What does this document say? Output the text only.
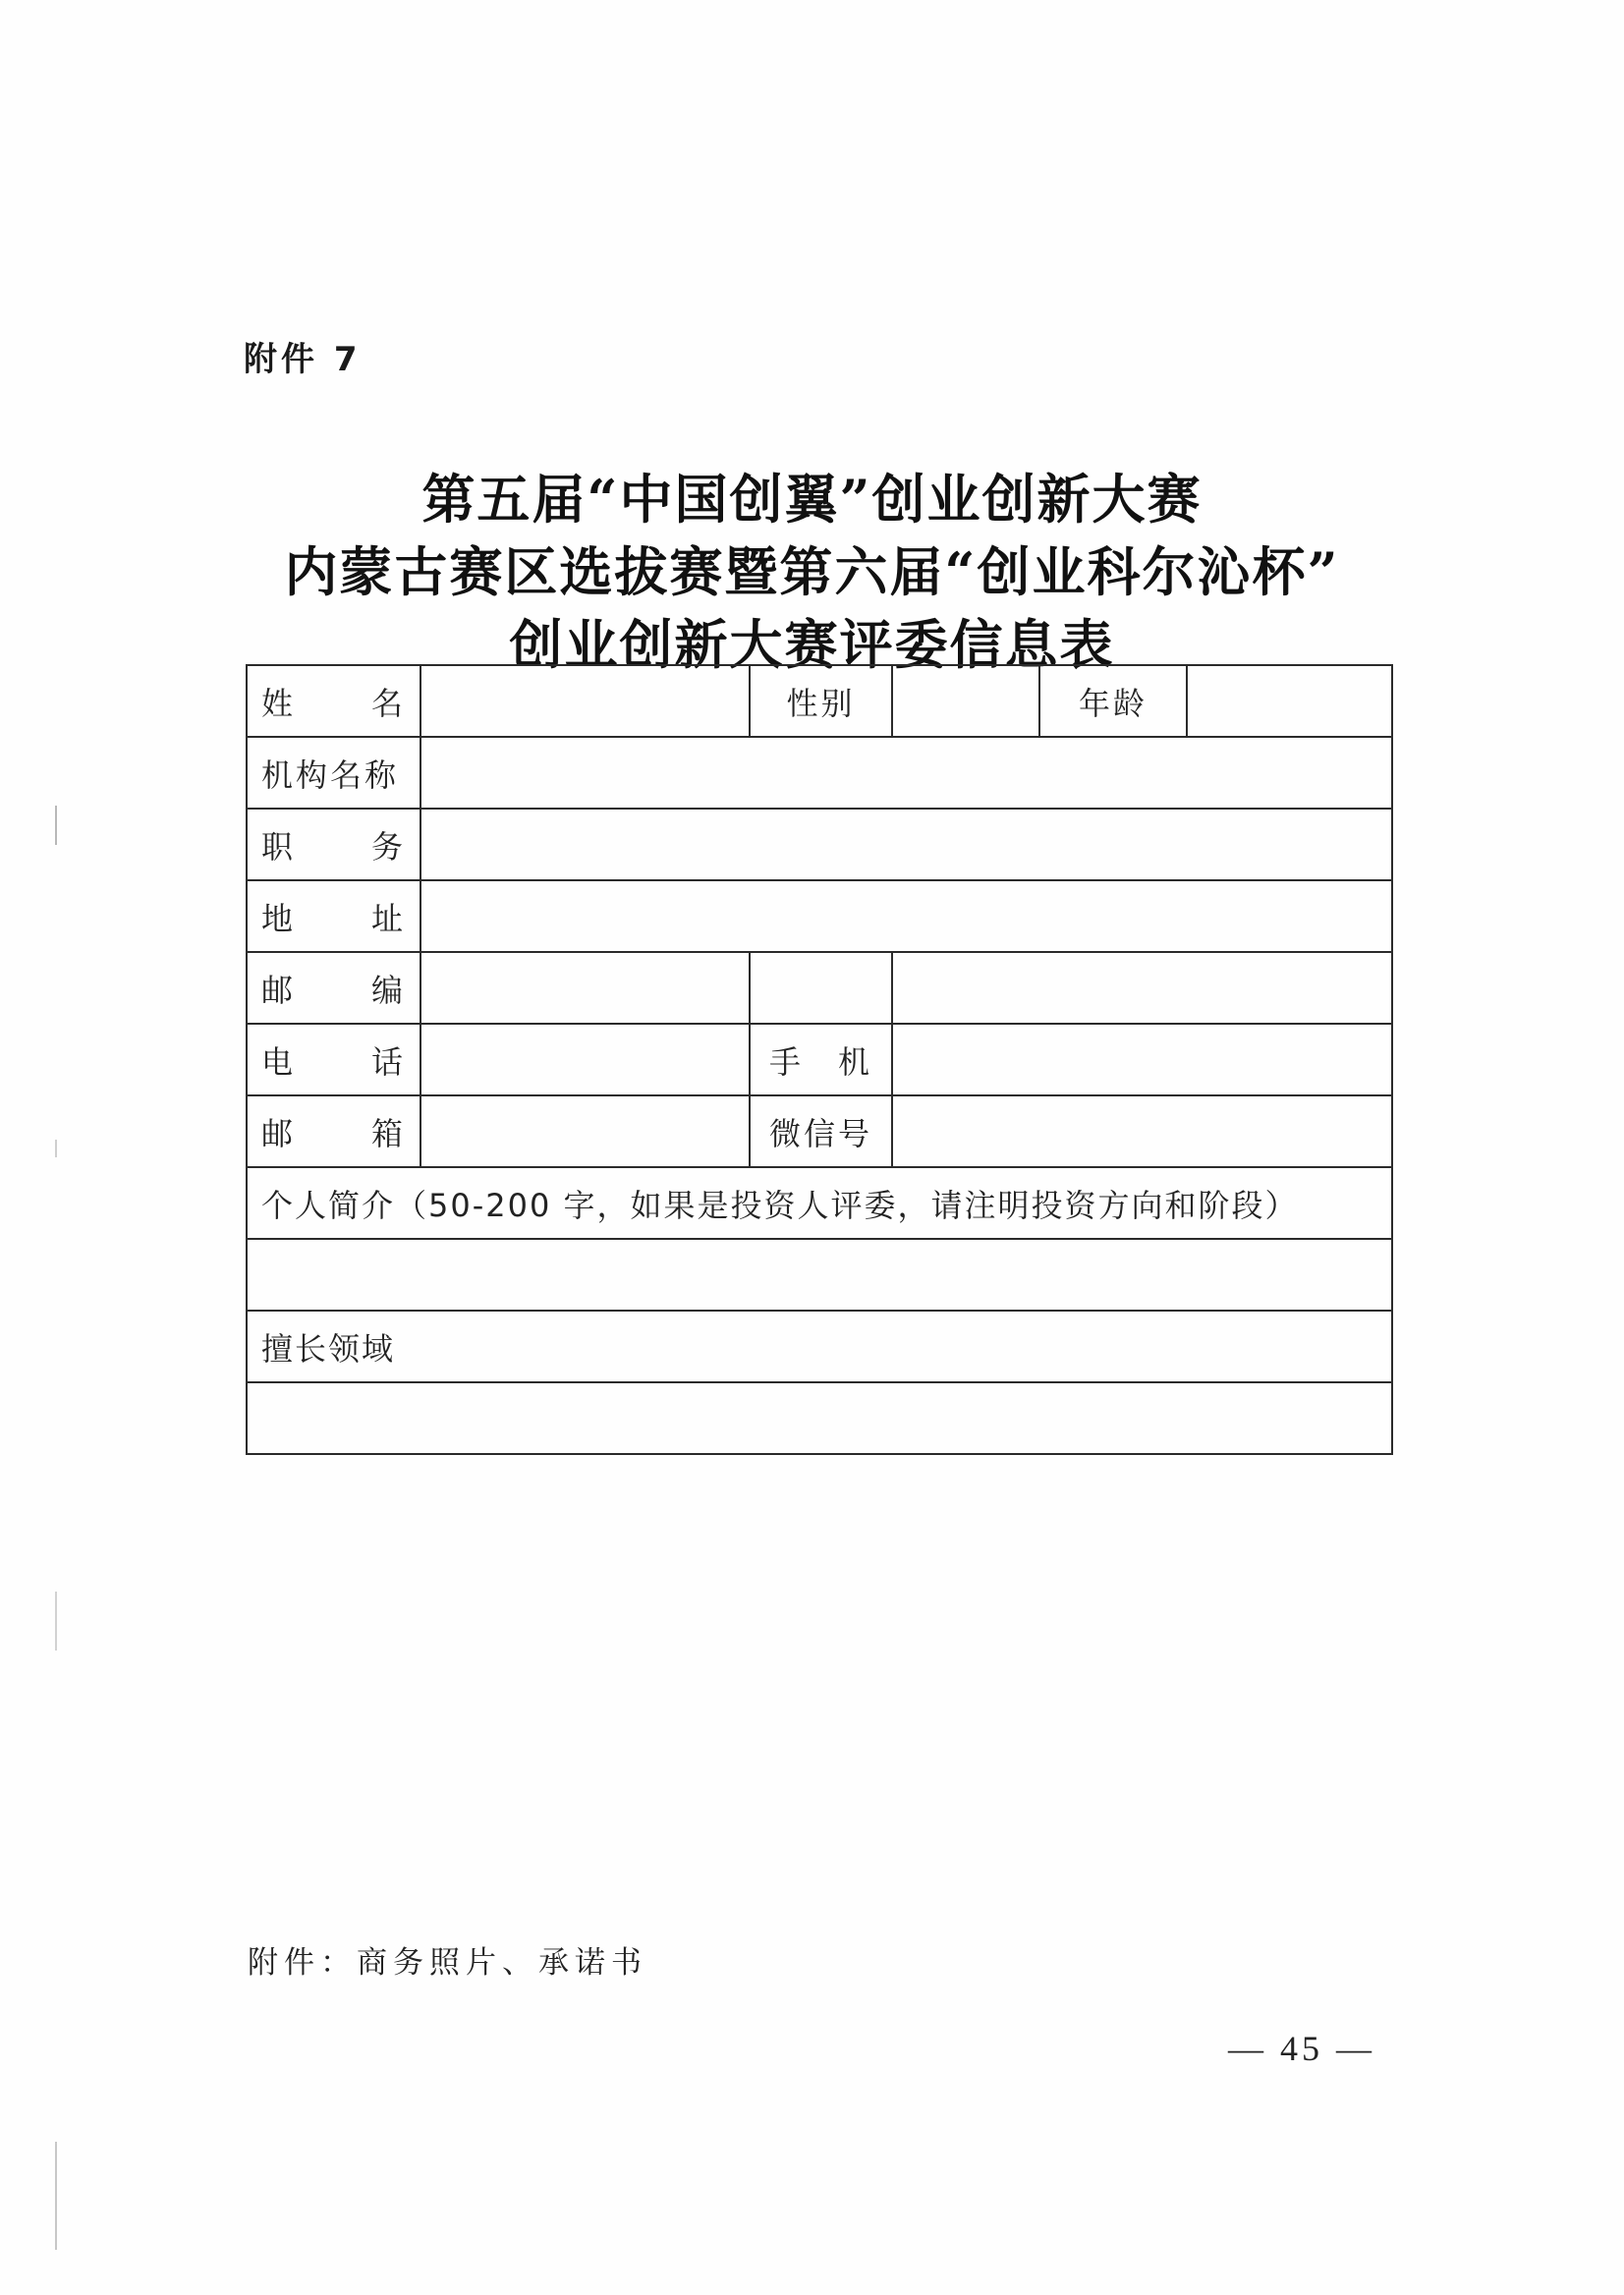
附件 7
第五届“中国创翼”创业创新大赛
内蒙古赛区选拔赛暨第六届“创业科尔沁杯”
创业创新大赛评委信息表
姓 名		性别		年龄	
机构名称					

职 务					

地 址					

邮 编					

电 话		手　机			

邮 箱		微信号			
个人简介（50-200 字，如果是投资人评委，请注明投资方向和阶段）					

擅长领域					

附件：商务照片、承诺书
— 45 —
